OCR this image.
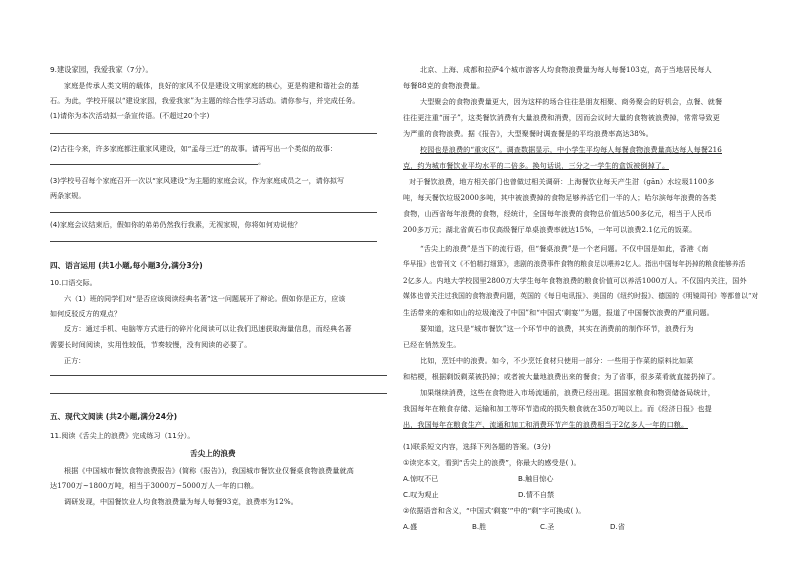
9.建设家园，我爱我家（7分）。
家庭是传承人类文明的载体，良好的家风不仅是建设文明家庭的核心，更是构建和谐社会的基
石。为此，学校开展以“建设家园，我爱我家”为主题的综合性学习活动。请你参与，并完成任务。
(1)请你为本次活动拟一条宣传语。(不超过20个字)
(2)古往今来，许多家庭都注重家风建设，如“孟母三迁”的故事。请再写出一个类似的故事：
。
(3)学校号召每个家庭召开一次以“家风建设”为主题的家庭会议，作为家庭成员之一，请你拟写
两条家规。
(4)家庭会议结束后，假如你的弟弟仍然我行我素，无视家规，你将如何劝说他？
四、语言运用 (共1小题,每小题3分,满分3分)
10.口语交际。
六（1）班的同学们对“是否应该阅读经典名著”这一问题展开了辩论。假如你是正方，应该
如何反驳反方的观点？
反方：通过手机、电脑等方式进行的碎片化阅读可以让我们迅速获取海量信息，而经典名著
需要长时间阅读，实用性较低，节奏较慢，没有阅读的必要了。
正方：
五、现代文阅读 (共2小题,满分24分)
11.阅读《舌尖上的浪费》完成练习（11分）。
舌尖上的浪费
根据《中国城市餐饮食物浪费报告》(简称《报告》)，我国城市餐饮业仅餐桌食物浪费量就高
达1700万~1800万吨，相当于3000万~5000万人一年的口粮。
调研发现，中国餐饮业人均食物浪费量为每人每餐93克，浪费率为12%。
北京、上海、成都和拉萨4个城市游客人均食物浪费量为每人每餐103克，高于当地居民每人
每餐88克的食物浪费量。
大型聚会的食物浪费量更大，因为这样的场合往往是朋友相聚、商务聚会的好机会，点餐、就餐
往往更注重“面子”，这类餐饮消费有大量浪费和消费，因而会议时大量的食物被浪费掉，常常导致更
为严重的食物浪费。据《报告》，大型聚餐时调查餐是的平均浪费率高达38%。
校园也是浪费的“重灾区”。调查数据显示，中小学生平均每人每餐食物浪费量高达每人每餐216
克，约为城市餐饮业平均水平的二倍多。换句话说，三分之一学生的盒饭被倒掉了。
对于餐饮浪费，地方相关部门也曾做过相关调研：上海餐饮业每天产生泔（gān）水垃圾1100多
吨，每天餐饮垃圾2000多吨，其中被浪费掉的食物足够养活它们一半的人；哈尔滨每年浪费的各类
食物，山西省每年浪费的食物，经统计，全国每年浪费的食物总价值达500多亿元，相当于人民币
200多万元；湖北省黄石市仅高级餐厅单桌浪费率就达15%，一年可以浪费2.1亿元的饭菜。
“舌尖上的浪费”是当下的流行语，但“餐桌浪费”是一个老问题。不仅中国是如此，香港《南
华早报》也曾刊文《不怕精打细算》，悲剧的浪费事件食物的粮食足以喂养2亿人。指出中国每年扔掉的粮食能够养活
2亿多人。内地大学校园里2800万大学生每年食物浪费的粮食价值可以养活1000万人。不仅国内关注，国外
媒体也曾关注过我国的食物浪费问题，英国的《每日电讯报》、美国的《纽约时报》、德国的《明镜周刊》等都曾以“对
生活带来的难和如山的垃圾淹没了中国”和“中国式‘剩宴’”为题，报道了中国餐饮浪费的严重问题。
要知道，这只是“城市餐饮”这一个环节中的浪费，其实在消费前的制作环节，浪费行为
已经在悄然发生。
比如，烹饪中的浪费。如今，不少烹饪食材只使用一部分：一些用于作菜的原料比如菜
和桔梗，根据剩饭剩菜被扔掉；或者被大量地浪费出来的餐食；为了省事，很多菜肴就直接扔掉了。
加果继续消费，这些在食物进入市场流通前，浪费已经出现。据国家粮食和物资储备局统计，
我国每年在粮食存储、运输和加工等环节造成的损失粮食就在350万吨以上。而《经济日报》也提
出，我国每年在粮食生产、流通和加工和消费环节产生的浪费相当于2亿多人一年的口粮。
(1)联系短文内容，选择下列各题的答案。(3分)
①读完本文，看到“舌尖上的浪费”，你最大的感受是( )。
A.惊叹不已	B.触目惊心
C.叹为观止	D.情不自禁
②依据语音和含义，“中国式‘剩宴’”中的“剩”字可换成( )。
A.盛	B.胜	C.圣	D.省
